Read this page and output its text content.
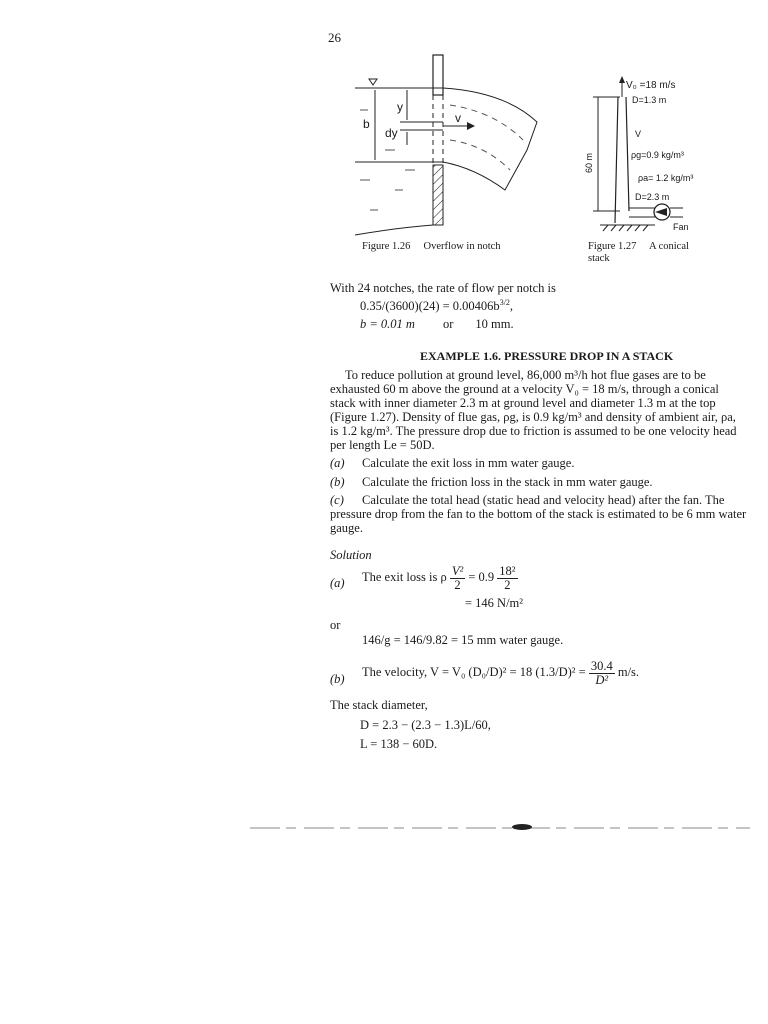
26
b
y
dy
v
Figure 1.26     Overflow in notch
60 m
V₀ =18 m/s
D=1.3 m
V
ρg=0.9 kg/m³
ρa= 1.2 kg/m³
D=2.3 m
Fan
Figure 1.27     A conical
stack
With 24 notches, the rate of flow per notch is
$0.35/(3600)(24) = 0.00406b^{3/2}$,
b = 0.01 m or 10 mm.
EXAMPLE 1.6. PRESSURE DROP IN A STACK
To reduce pollution at ground level, 86,000 m³/h hot flue gases are to be
exhausted 60 m above the ground at a velocity V₀ = 18 m/s, through a conical
stack with inner diameter 2.3 m at ground level and diameter 1.3 m at the top
(Figure 1.27). Density of flue gas, ρg, is 0.9 kg/m³ and density of ambient air, ρa,
is 1.2 kg/m³. The pressure drop due to friction is assumed to be one velocity head
per length Le = 50D.
(a) Calculate the exit loss in mm water gauge.
(b) Calculate the friction loss in the stack in mm water gauge.
(c) Calculate the total head (static head and velocity head) after the fan. The
pressure drop from the fan to the bottom of the stack is estimated to be 6 mm water
gauge.
Solution
(a) The exit loss is ρ $\frac{\text{V²}}{2} = 0.9 \frac{\text{18²}}{2}$
= 146 N/m²
or
146/g = 146/9.82 = 15 mm water gauge.
(b) The velocity, V = V₀ (D₀/D)² = 18 $(1.3/D)^2 = \frac{30.4}{\text{D²}} m/s$.
The stack diameter,
D = 2.3 − (2.3 − 1.3)L/60,
L = 138 − 60D.
